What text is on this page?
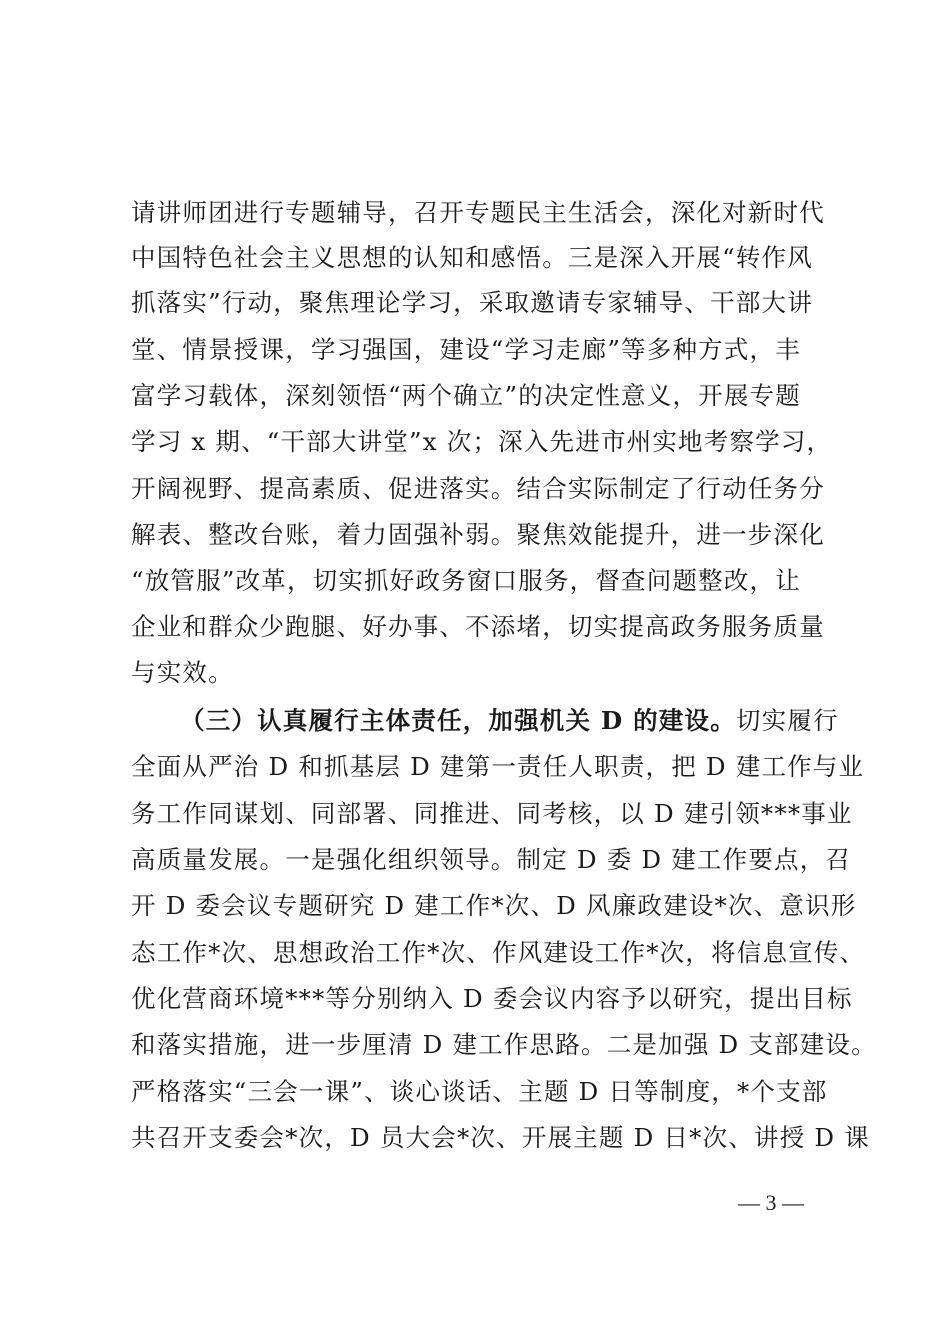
请讲师团进行专题辅导，召开专题民主生活会，深化对新时代
中国特色社会主义思想的认知和感悟。三是深入开展“转作风
抓落实”行动，聚焦理论学习，采取邀请专家辅导、干部大讲
堂、情景授课，学习强国，建设“学习走廊”等多种方式，丰
富学习载体，深刻领悟“两个确立”的决定性意义，开展专题
学习 x 期、“干部大讲堂”x 次；深入先进市州实地考察学习，
开阔视野、提高素质、促进落实。结合实际制定了行动任务分
解表、整改台账，着力固强补弱。聚焦效能提升，进一步深化
“放管服”改革，切实抓好政务窗口服务，督查问题整改，让
企业和群众少跑腿、好办事、不添堵，切实提高政务服务质量
与实效。
（三）认真履行主体责任，加强机关 D 的建设。切实履行
全面从严治 D 和抓基层 D 建第一责任人职责，把 D 建工作与业
务工作同谋划、同部署、同推进、同考核，以 D 建引领***事业
高质量发展。一是强化组织领导。制定 D 委 D 建工作要点，召
开 D 委会议专题研究 D 建工作*次、D 风廉政建设*次、意识形
态工作*次、思想政治工作*次、作风建设工作*次，将信息宣传、
优化营商环境***等分别纳入 D 委会议内容予以研究，提出目标
和落实措施，进一步厘清 D 建工作思路。二是加强 D 支部建设。
严格落实“三会一课”、谈心谈话、主题 D 日等制度，*个支部
共召开支委会*次，D 员大会*次、开展主题 D 日*次、讲授 D 课
— 3 —
